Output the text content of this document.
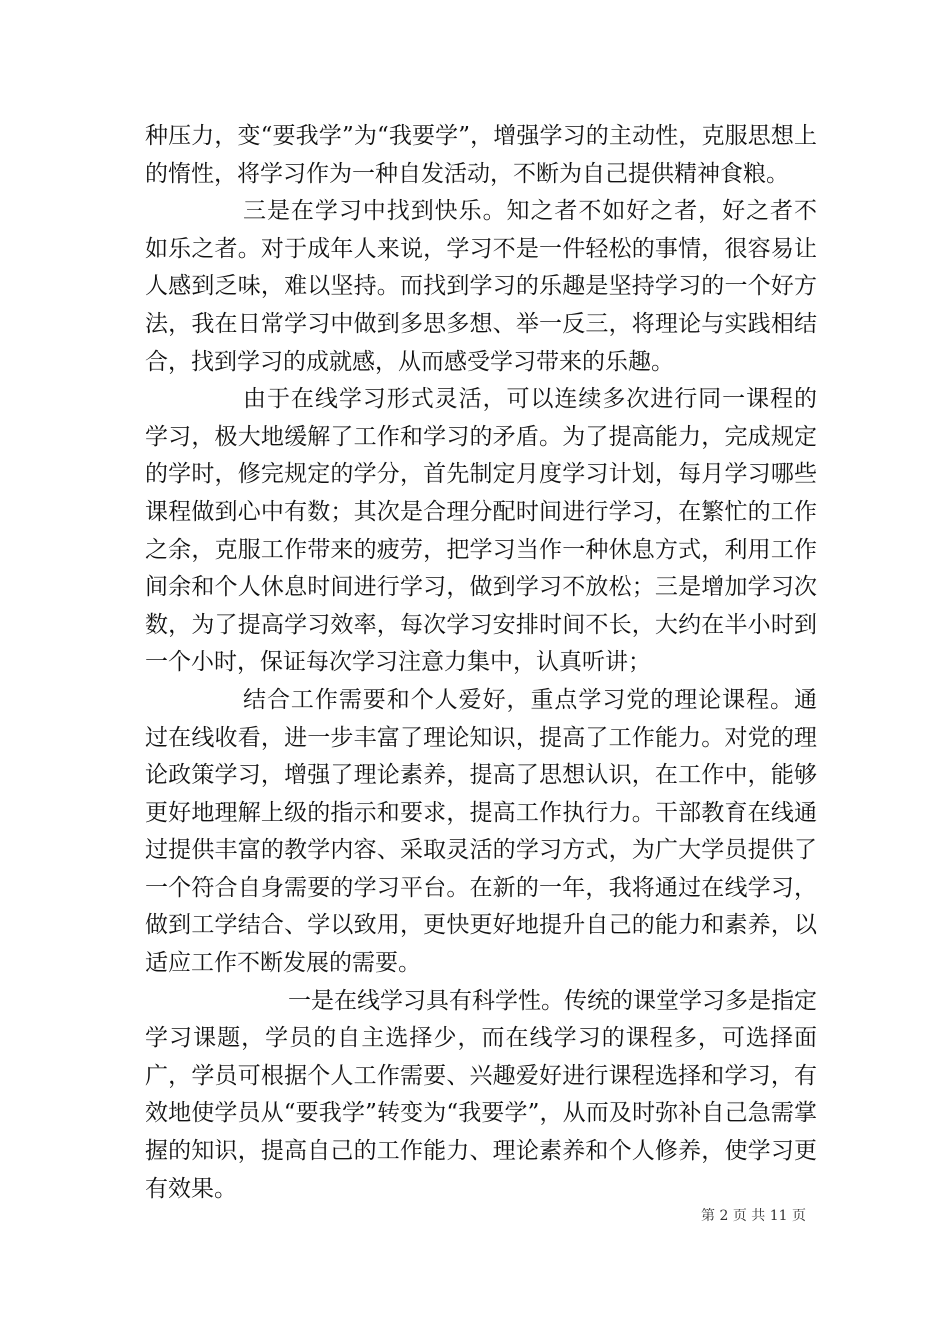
种压力，变“要我学”为“我要学”，增强学习的主动性，克服思想上的惰性，将学习作为一种自发活动，不断为自己提供精神食粮。

三是在学习中找到快乐。知之者不如好之者，好之者不如乐之者。对于成年人来说，学习不是一件轻松的事情，很容易让人感到乏味，难以坚持。而找到学习的乐趣是坚持学习的一个好方法，我在日常学习中做到多思多想、举一反三，将理论与实践相结合，找到学习的成就感，从而感受学习带来的乐趣。

由于在线学习形式灵活，可以连续多次进行同一课程的学习，极大地缓解了工作和学习的矛盾。为了提高能力，完成规定的学时，修完规定的学分，首先制定月度学习计划，每月学习哪些课程做到心中有数；其次是合理分配时间进行学习，在繁忙的工作之余，克服工作带来的疲劳，把学习当作一种休息方式，利用工作间余和个人休息时间进行学习，做到学习不放松；三是增加学习次数，为了提高学习效率，每次学习安排时间不长，大约在半小时到一个小时，保证每次学习注意力集中，认真听讲；

结合工作需要和个人爱好，重点学习党的理论课程。通过在线收看，进一步丰富了理论知识，提高了工作能力。对党的理论政策学习，增强了理论素养，提高了思想认识，在工作中，能够更好地理解上级的指示和要求，提高工作执行力。干部教育在线通过提供丰富的教学内容、采取灵活的学习方式，为广大学员提供了一个符合自身需要的学习平台。在新的一年，我将通过在线学习，做到工学结合、学以致用，更快更好地提升自己的能力和素养，以适应工作不断发展的需要。

一是在线学习具有科学性。传统的课堂学习多是指定学习课题，学员的自主选择少，而在线学习的课程多，可选择面广，学员可根据个人工作需要、兴趣爱好进行课程选择和学习，有效地使学员从“要我学”转变为“我要学”，从而及时弥补自己急需掌握的知识，提高自己的工作能力、理论素养和个人修养，使学习更有效果。

第 2 页 共 11 页
